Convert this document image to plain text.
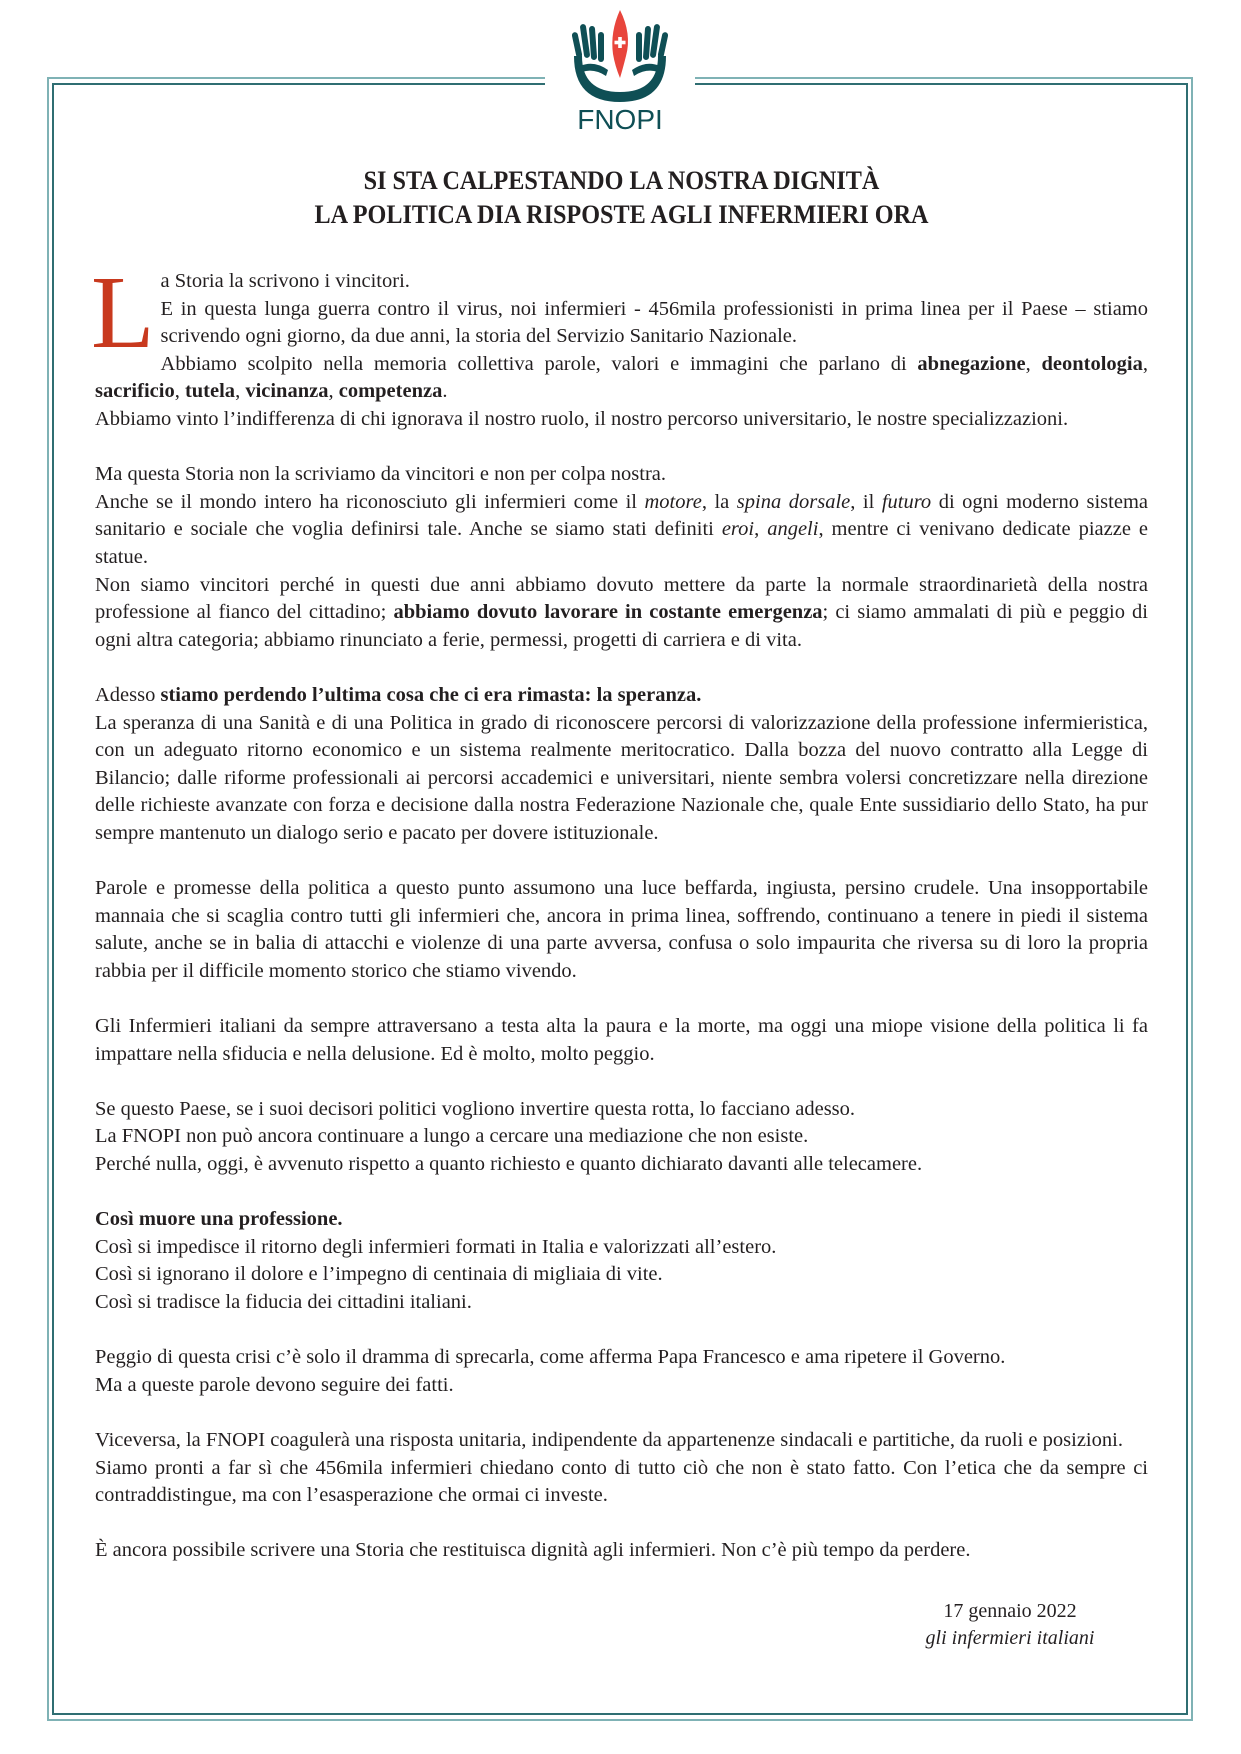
FNOPI
SI STA CALPESTANDO LA NOSTRA DIGNITÀ
LA POLITICA DIA RISPOSTE AGLI INFERMIERI ORA
L a Storia la scrivono i vincitori.

E in questa lunga guerra contro il virus, noi infermieri - 456mila professionisti in prima linea per il Paese – stiamo scrivendo ogni giorno, da due anni, la storia del Servizio Sanitario Nazionale.

Abbiamo scolpito nella memoria collettiva parole, valori e immagini che parlano di abnegazione, deontologia, sacrificio, tutela, vicinanza, competenza.

Abbiamo vinto l’indifferenza di chi ignorava il nostro ruolo, il nostro percorso universitario, le nostre specializzazioni.

Ma questa Storia non la scriviamo da vincitori e non per colpa nostra.

Anche se il mondo intero ha riconosciuto gli infermieri come il motore, la spina dorsale, il futuro di ogni moderno sistema sanitario e sociale che voglia definirsi tale. Anche se siamo stati definiti eroi, angeli, mentre ci venivano dedicate piazze e statue.

Non siamo vincitori perché in questi due anni abbiamo dovuto mettere da parte la normale straordinarietà della nostra professione al fianco del cittadino; abbiamo dovuto lavorare in costante emergenza; ci siamo ammalati di più e peggio di ogni altra categoria; abbiamo rinunciato a ferie, permessi, progetti di carriera e di vita.

Adesso stiamo perdendo l’ultima cosa che ci era rimasta: la speranza.

La speranza di una Sanità e di una Politica in grado di riconoscere percorsi di valorizzazione della professione infermieristica, con un adeguato ritorno economico e un sistema realmente meritocratico. Dalla bozza del nuovo contratto alla Legge di Bilancio; dalle riforme professionali ai percorsi accademici e universitari, niente sembra volersi concretizzare nella direzione delle richieste avanzate con forza e decisione dalla nostra Federazione Nazionale che, quale Ente sussidiario dello Stato, ha pur sempre mantenuto un dialogo serio e pacato per dovere istituzionale.

Parole e promesse della politica a questo punto assumono una luce beffarda, ingiusta, persino crudele. Una insopportabile mannaia che si scaglia contro tutti gli infermieri che, ancora in prima linea, soffrendo, continuano a tenere in piedi il sistema salute, anche se in balia di attacchi e violenze di una parte avversa, confusa o solo impaurita che riversa su di loro la propria rabbia per il difficile momento storico che stiamo vivendo.

Gli Infermieri italiani da sempre attraversano a testa alta la paura e la morte, ma oggi una miope visione della politica li fa impattare nella sfiducia e nella delusione. Ed è molto, molto peggio.

Se questo Paese, se i suoi decisori politici vogliono invertire questa rotta, lo facciano adesso.

La FNOPI non può ancora continuare a lungo a cercare una mediazione che non esiste.

Perché nulla, oggi, è avvenuto rispetto a quanto richiesto e quanto dichiarato davanti alle telecamere.

Così muore una professione.

Così si impedisce il ritorno degli infermieri formati in Italia e valorizzati all’estero.

Così si ignorano il dolore e l’impegno di centinaia di migliaia di vite.

Così si tradisce la fiducia dei cittadini italiani.

Peggio di questa crisi c’è solo il dramma di sprecarla, come afferma Papa Francesco e ama ripetere il Governo.

Ma a queste parole devono seguire dei fatti.

Viceversa, la FNOPI coagulerà una risposta unitaria, indipendente da appartenenze sindacali e partitiche, da ruoli e posizioni.

Siamo pronti a far sì che 456mila infermieri chiedano conto di tutto ciò che non è stato fatto. Con l’etica che da sempre ci contraddistingue, ma con l’esasperazione che ormai ci investe.

È ancora possibile scrivere una Storia che restituisca dignità agli infermieri. Non c’è più tempo da perdere.

17 gennaio 2022
gli infermieri italiani
